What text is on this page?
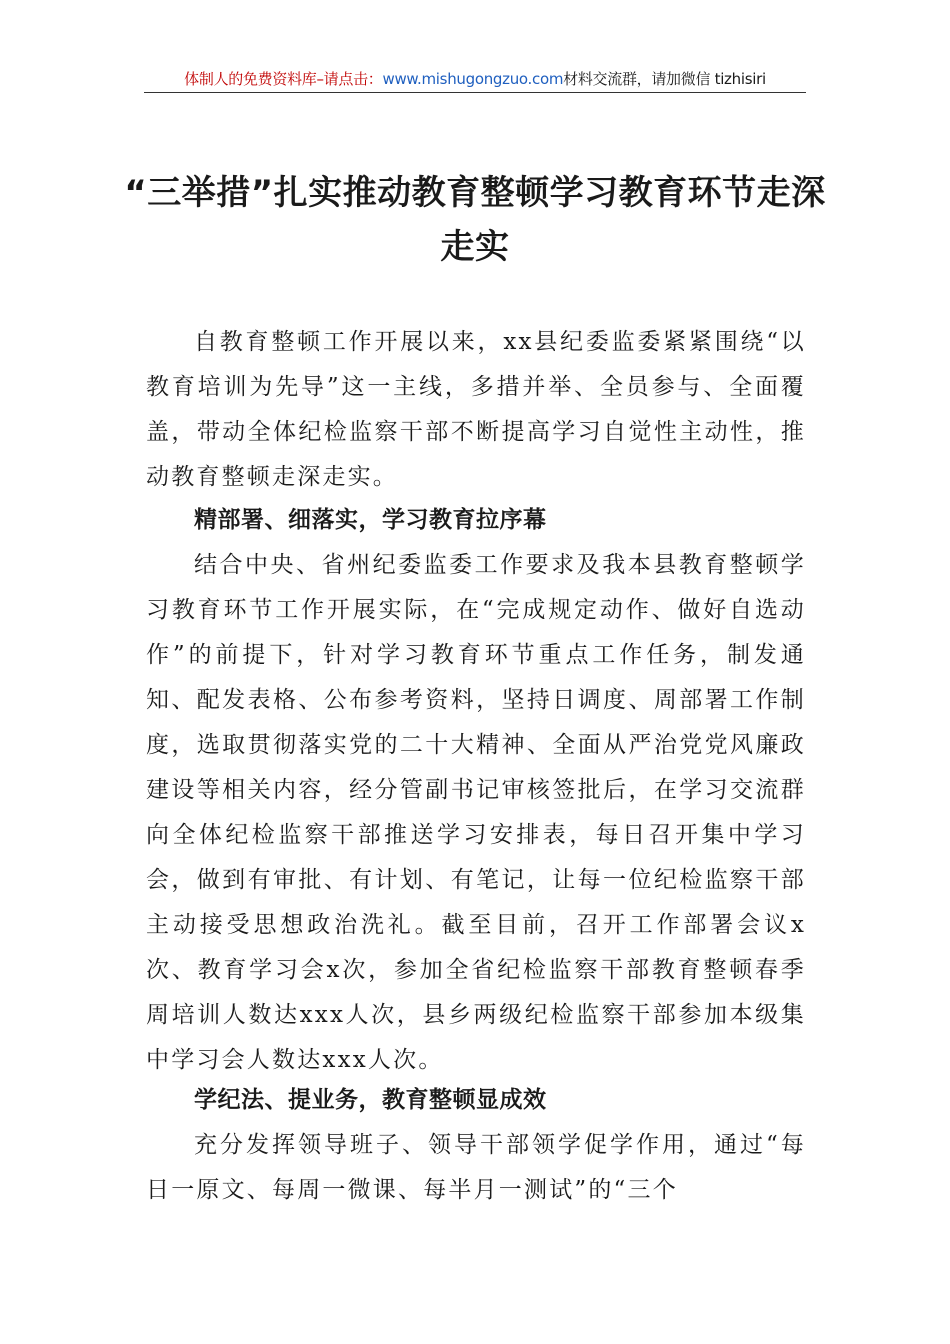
体制人的免费资料库–请点击：www.mishugongzuo.com材料交流群，请加微信 tizhisiri
“三举措”扎实推动教育整顿学习教育环节走深走实

自教育整顿工作开展以来，xx县纪委监委紧紧围绕“以教育培训为先导”这一主线，多措并举、全员参与、全面覆盖，带动全体纪检监察干部不断提高学习自觉性主动性，推动教育整顿走深走实。

精部署、细落实，学习教育拉序幕

结合中央、省州纪委监委工作要求及我本县教育整顿学习教育环节工作开展实际，在“完成规定动作、做好自选动作”的前提下，针对学习教育环节重点工作任务，制发通知、配发表格、公布参考资料，坚持日调度、周部署工作制度，选取贯彻落实党的二十大精神、全面从严治党党风廉政建设等相关内容，经分管副书记审核签批后，在学习交流群向全体纪检监察干部推送学习安排表，每日召开集中学习会，做到有审批、有计划、有笔记，让每一位纪检监察干部主动接受思想政治洗礼。截至目前，召开工作部署会议x次、教育学习会x次，参加全省纪检监察干部教育整顿春季周培训人数达xxx人次，县乡两级纪检监察干部参加本级集中学习会人数达xxx人次。

学纪法、提业务，教育整顿显成效

充分发挥领导班子、领导干部领学促学作用，通过“每日一原文、每周一微课、每半月一测试”的“三个
